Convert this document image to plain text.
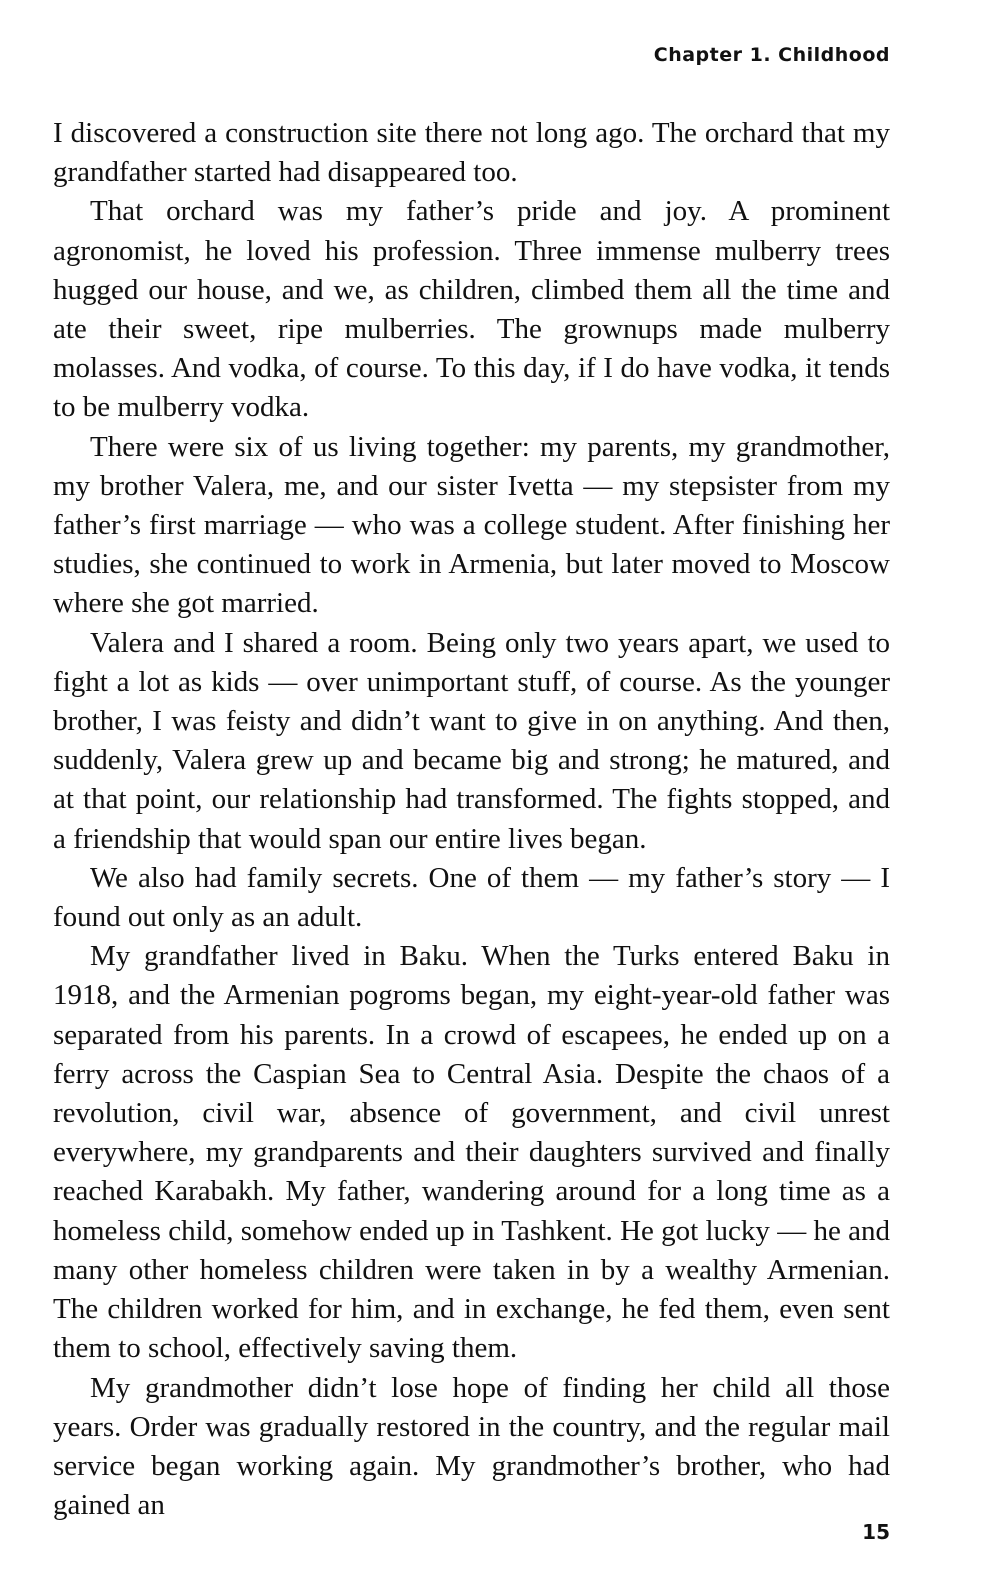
Chapter 1. Childhood

I discovered a construction site there not long ago. The orchard that my grandfather started had disappeared too.

That orchard was my father’s pride and joy. A prominent agronomist, he loved his profession. Three immense mulberry trees hugged our house, and we, as children, climbed them all the time and ate their sweet, ripe mulberries. The grownups made mulberry molasses. And vodka, of course. To this day, if I do have vodka, it tends to be mulberry vodka.

There were six of us living together: my parents, my grandmother, my brother Valera, me, and our sister Ivetta — my stepsister from my father’s first marriage — who was a college student. After finishing her studies, she continued to work in Armenia, but later moved to Moscow where she got married.

Valera and I shared a room. Being only two years apart, we used to fight a lot as kids — over unimportant stuff, of course. As the younger brother, I was feisty and didn’t want to give in on anything. And then, suddenly, Valera grew up and became big and strong; he matured, and at that point, our relationship had transformed. The fights stopped, and a friendship that would span our entire lives began.

We also had family secrets. One of them — my father’s story — I found out only as an adult.

My grandfather lived in Baku. When the Turks entered Baku in 1918, and the Armenian pogroms began, my eight-year-old father was separated from his parents. In a crowd of escapees, he ended up on a ferry across the Caspian Sea to Central Asia. Despite the chaos of a revolution, civil war, absence of government, and civil unrest everywhere, my grandparents and their daughters survived and finally reached Karabakh. My father, wandering around for a long time as a homeless child, somehow ended up in Tashkent. He got lucky — he and many other homeless children were taken in by a wealthy Armenian. The children worked for him, and in exchange, he fed them, even sent them to school, effectively saving them.

My grandmother didn’t lose hope of finding her child all those years. Order was gradually restored in the country, and the regular mail service began working again. My grandmother’s brother, who had gained an

15
